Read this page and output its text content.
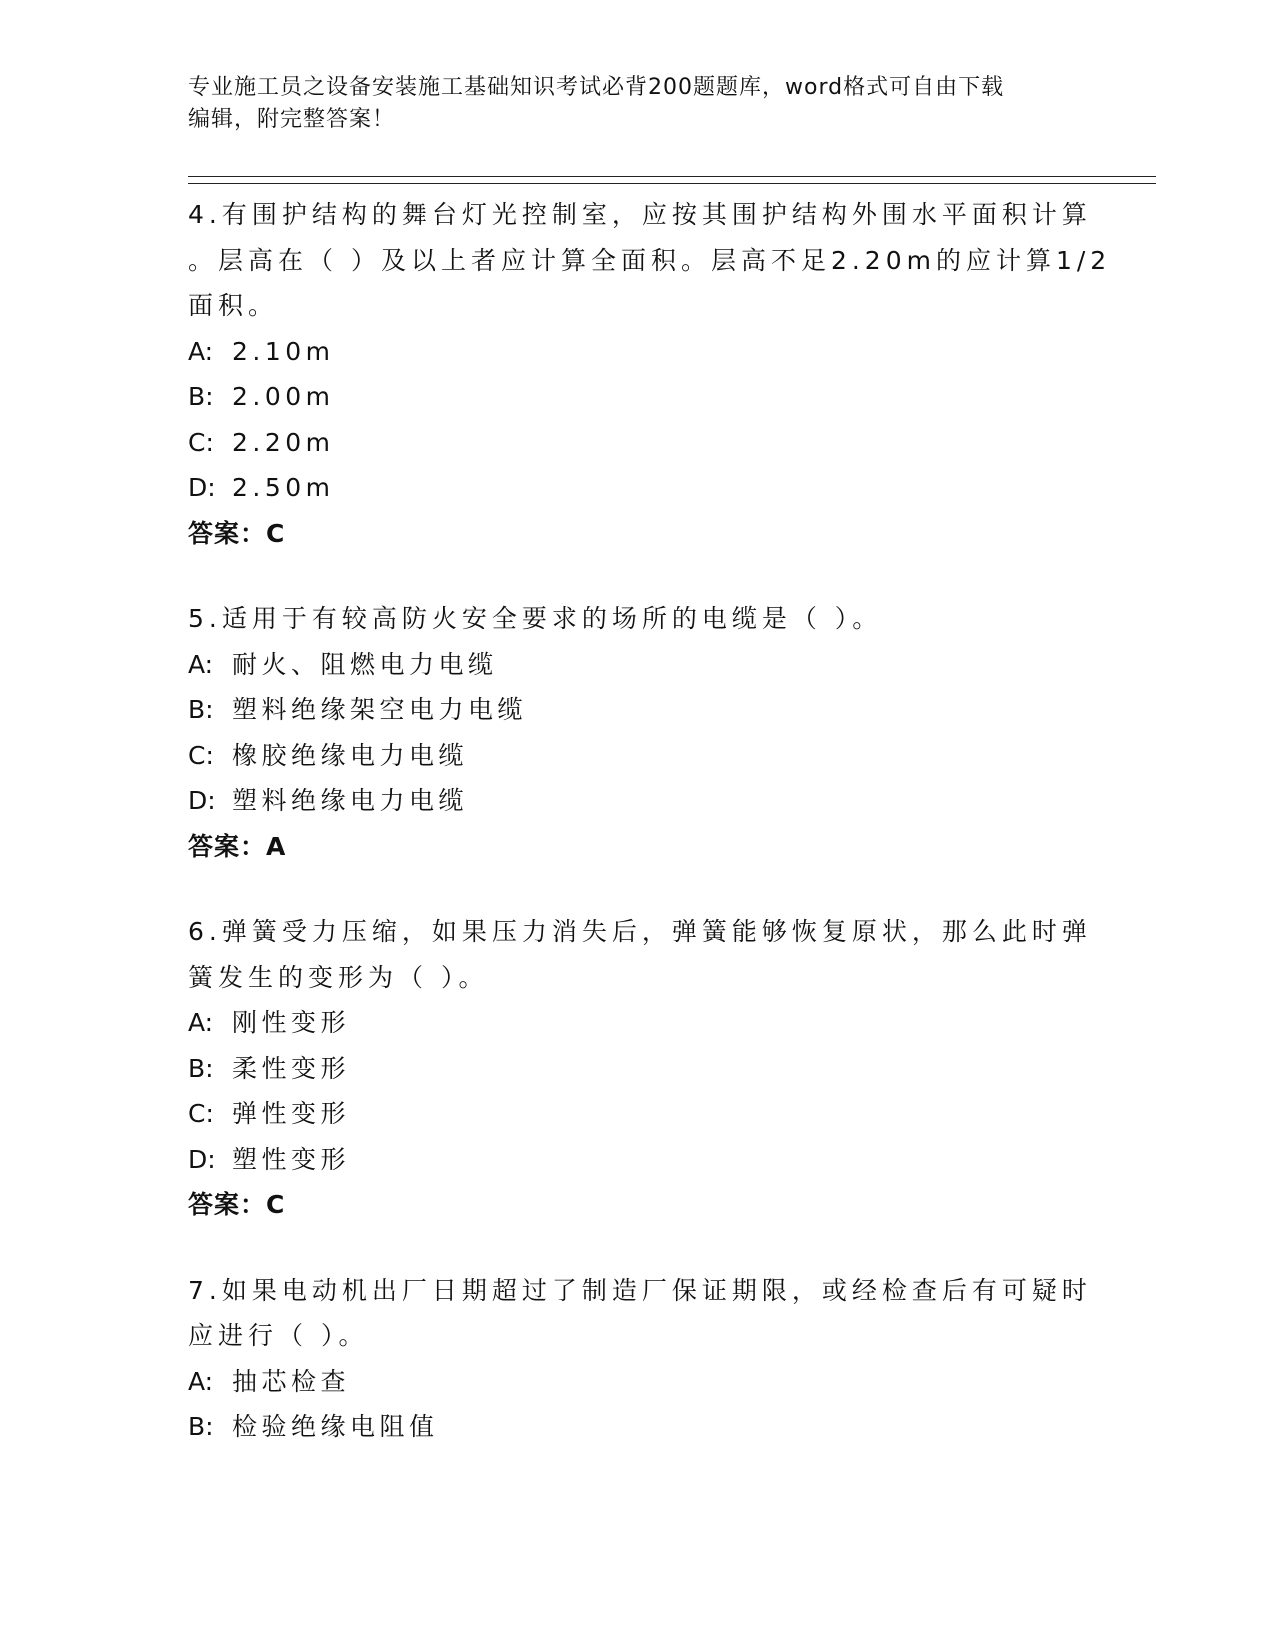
专业施工员之设备安装施工基础知识考试必背200题题库，word格式可自由下载
编辑，附完整答案！
4.有围护结构的舞台灯光控制室，应按其围护结构外围水平面积计算
。层高在（ ）及以上者应计算全面积。层高不足2.20m的应计算1/2
面积。
A: 2.10m
B: 2.00m
C: 2.20m
D: 2.50m
答案：C
5.适用于有较高防火安全要求的场所的电缆是（ ）。
A: 耐火、阻燃电力电缆
B: 塑料绝缘架空电力电缆
C: 橡胶绝缘电力电缆
D: 塑料绝缘电力电缆
答案：A
6.弹簧受力压缩，如果压力消失后，弹簧能够恢复原状，那么此时弹
簧发生的变形为（ ）。
A: 刚性变形
B: 柔性变形
C: 弹性变形
D: 塑性变形
答案：C
7.如果电动机出厂日期超过了制造厂保证期限，或经检查后有可疑时
应进行（ ）。
A: 抽芯检查
B: 检验绝缘电阻值
